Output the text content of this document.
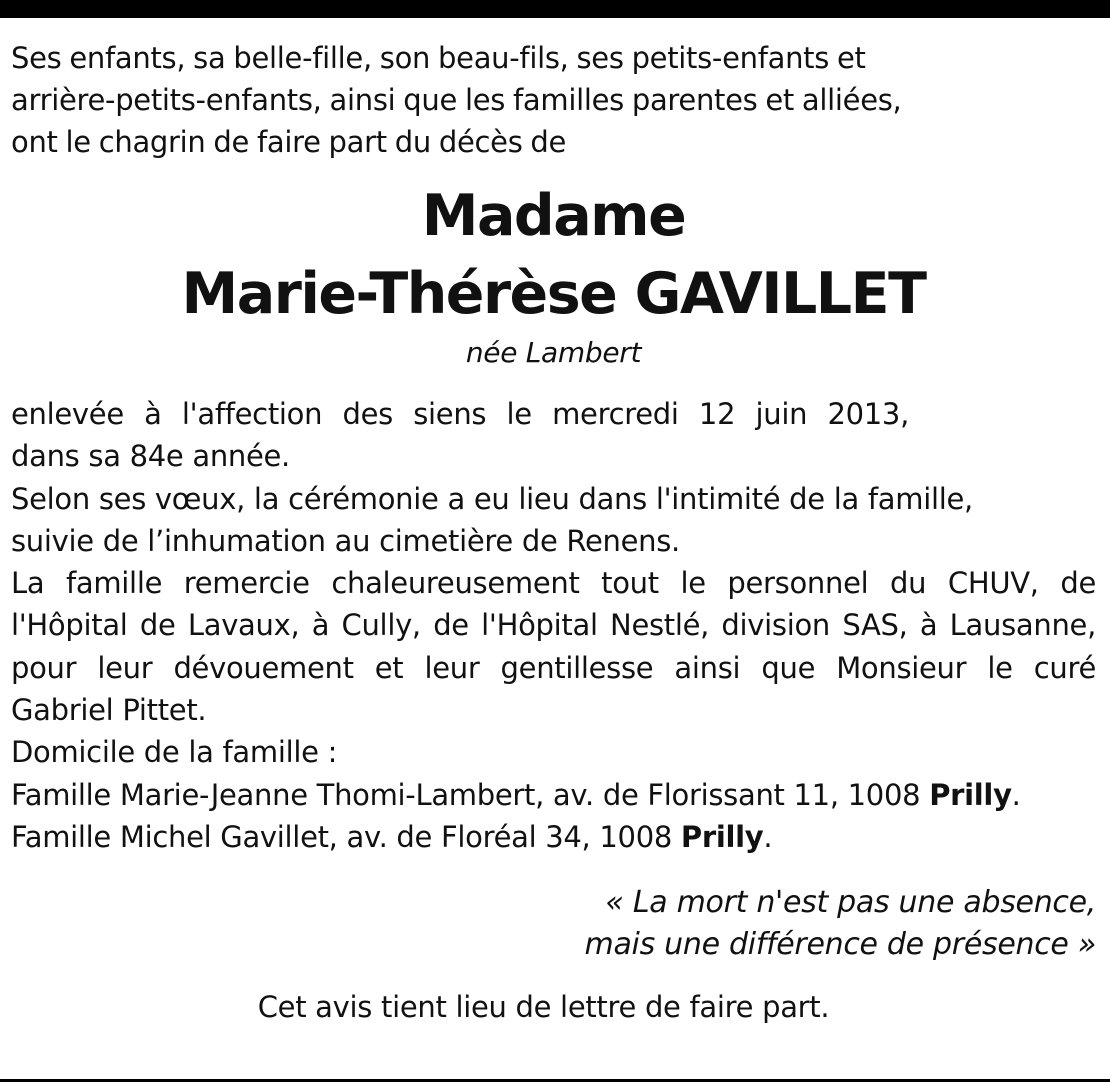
Ses enfants, sa belle-fille, son beau-fils, ses petits-enfants et
arrière-petits-enfants, ainsi que les familles parentes et alliées,
ont le chagrin de faire part du décès de
Madame
Marie-Thérèse GAVILLET
née Lambert
enlevée à l'affection des siens le mercredi 12 juin 2013,
dans sa 84e année.
Selon ses vœux, la cérémonie a eu lieu dans l'intimité de la famille,
suivie de l’inhumation au cimetière de Renens.
La famille remercie chaleureusement tout le personnel du CHUV, de
l'Hôpital de Lavaux, à Cully, de l'Hôpital Nestlé, division SAS, à Lausanne,
pour leur dévouement et leur gentillesse ainsi que Monsieur le curé
Gabriel Pittet.
Domicile de la famille :
Famille Marie-Jeanne Thomi-Lambert, av. de Florissant 11, 1008 Prilly.
Famille Michel Gavillet, av. de Floréal 34, 1008 Prilly.
« La mort n'est pas une absence,
mais une différence de présence »
Cet avis tient lieu de lettre de faire part.
